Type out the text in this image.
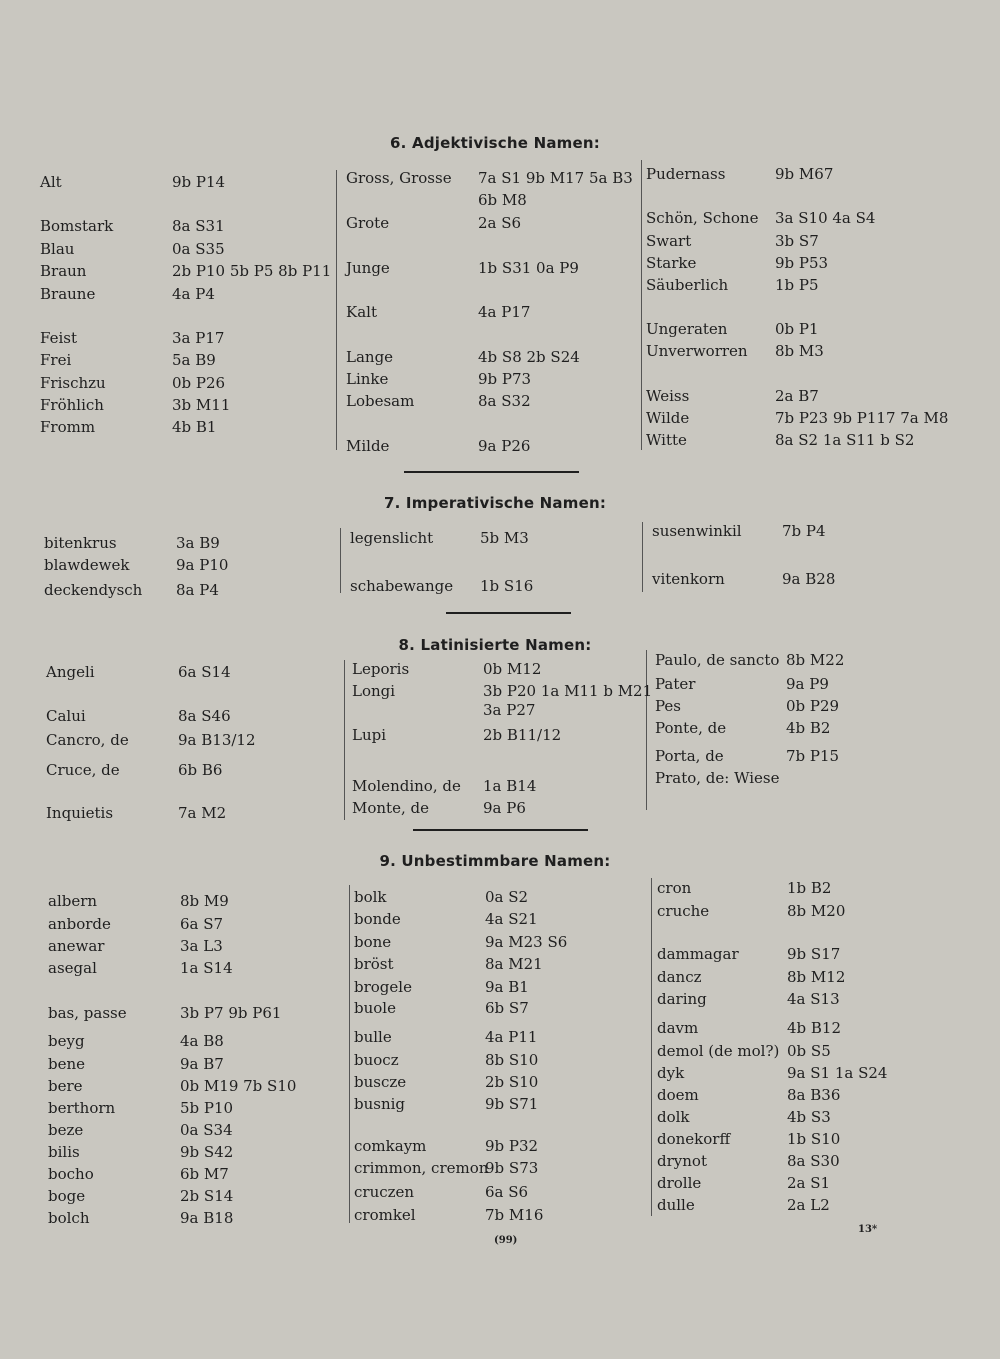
6. Adjektivische Namen:
7. Imperativische Namen:
8. Latinisierte Namen:
9. Unbestimmbare Namen:
Alt	9b P14
Bomstark	8a S31
Blau	0a S35
Braun	2b P10 5b P5 8b P11
Braune	4a P4
Feist	3a P17
Frei	5a B9
Frischzu	0b P26
Fröhlich	3b M11
Fromm	4b B1
Gross, Grosse 7a S1 9b M17 5a B3
6b M8
Grote	2a S6
Junge	1b S31 0a P9
Kalt	4a P17
Lange	4b S8 2b S24
Linke	9b P73
Lobesam	8a S32
Milde	9a P26
Pudernass	9b M67
Schön, Schone 3a S10 4a S4
Swart	3b S7
Starke	9b P53
Säuberlich	1b P5
Ungeraten	0b P1
Unverworren 8b M3
Weiss	2a B7
Wilde	7b P23 9b P117 7a M8
Witte	8a S2 1a S11 b S2
bitenkrus	3a B9
blawdewek	9a P10
deckendysch 8a P4
legenslicht	5b M3
schabewange 1b S16
susenwinkil	7b P4
vitenkorn	9a B28
Angeli	6a S14
Calui	8a S46
Cancro, de	9a B13/12
Cruce, de	6b B6
Inquietis	7a M2
Leporis	0b M12
Longi	3b P20 1a M11 b M21
3a P27
Lupi	2b B11/12
Molendino, de 1a B14
Monte, de	9a P6
Paulo, de sancto 8b M22
Pater	9a P9
Pes	0b P29
Ponte, de	4b B2
Porta, de	7b P15
Prato, de: Wiese
albern	8b M9
anborde	6a S7
anewar	3a L3
asegal	1a S14
bas, passe	3b P7 9b P61
beyg	4a B8
bene	9a B7
bere	0b M19 7b S10
berthorn	5b P10
beze	0a S34
bilis	9b S42
bocho	6b M7
boge	2b S14
bolch	9a B18
bolk	0a S2
bonde	4a S21
bone	9a M23 S6
bröst	8a M21
brogele	9a B1
buole	6b S7
bulle	4a P11
buocz	8b S10
buscze	2b S10
busnig	9b S71
comkaym	9b P32
crimmon, cremon
9b S73
cruczen	6a S6
cromkel	7b M16
cron	1b B2
cruche	8b M20
dammagar	9b S17
dancz	8b M12
daring	4a S13
davm	4b B12
demol (de mol?) 0b S5
dyk	9a S1 1a S24
doem	8a B36
dolk	4b S3
donekorff	1b S10
drynot	8a S30
drolle	2a S1
dulle	2a L2
(99)
13*
